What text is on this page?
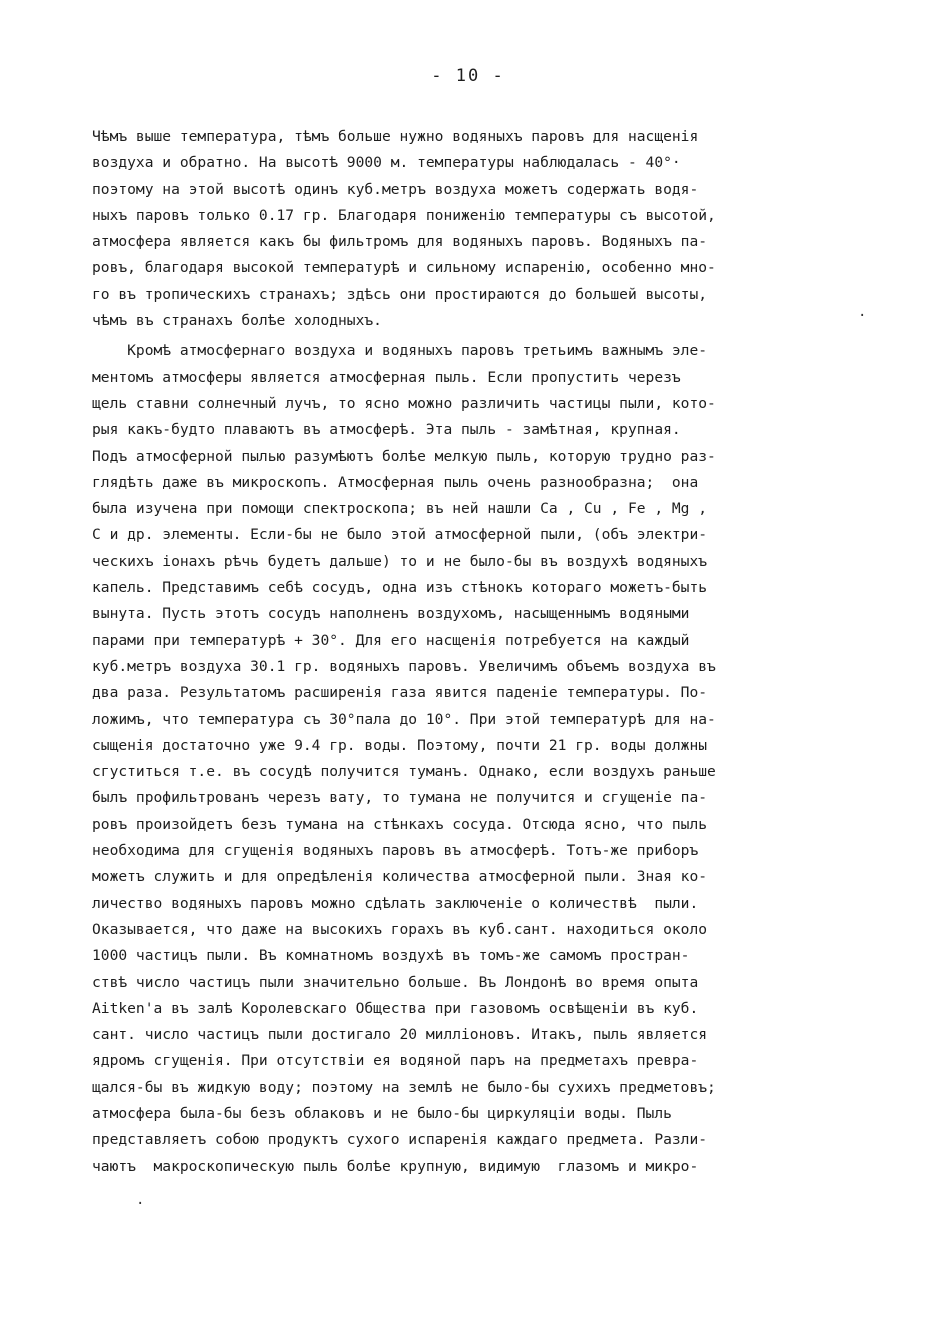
- 10 -
Чѣмъ выше температура, тѣмъ больше нужно водяныхъ паровъ для насщенія
воздуха и обратно. На высотѣ 9000 м. температуры наблюдалась - 40°·
поэтому на этой высотѣ одинъ куб.метръ воздуха можетъ содержать водя-
ныхъ паровъ только 0.17 гр. Благодаря пониженію температуры съ высотой,
атмосфера является какъ бы фильтромъ для водяныхъ паровъ. Водяныхъ па-
ровъ, благодаря высокой температурѣ и сильному испаренію, особенно мно-
го въ тропическихъ странахъ; здѣсь они простираются до большей высоты,
чѣмъ въ странахъ болѣе холодныхъ.
Кромѣ атмосфернаго воздуха и водяныхъ паровъ третьимъ важнымъ эле-
ментомъ атмосферы является атмосферная пыль. Если пропустить черезъ
щель ставни солнечный лучъ, то ясно можно различить частицы пыли, кото-
рыя какъ-будто плаваютъ въ атмосферѣ. Эта пыль - замѣтная, крупная.
Подъ атмосферной пылью разумѣютъ болѣе мелкую пыль, которую трудно раз-
глядѣть даже въ микроскопъ. Атмосферная пыль очень разнообразна;  она
была изучена при помощи спектроскопа; въ ней нашли Ca , Cu , Fe , Mg ,
C и др. элементы. Если-бы не было этой атмосферной пыли, (объ электри-
ческихъ іонахъ рѣчь будетъ дальше) то и не было-бы въ воздухѣ водяныхъ
капель. Представимъ себѣ сосудъ, одна изъ стѣнокъ котораго можетъ-быть
вынута. Пусть этотъ сосудъ наполненъ воздухомъ, насыщеннымъ водяными
парами при температурѣ + 30°. Для его насщенія потребуется на каждый
куб.метръ воздуха 30.1 гр. водяныхъ паровъ. Увеличимъ объемъ воздуха въ
два раза. Результатомъ расширенія газа явится паденіе температуры. По-
ложимъ, что температура съ 30°пала до 10°. При этой температурѣ для на-
сыщенія достаточно уже 9.4 гр. воды. Поэтому, почти 21 гр. воды должны
сгуститься т.е. въ сосудѣ получится туманъ. Однако, если воздухъ раньше
былъ профильтрованъ черезъ вату, то тумана не получится и сгущеніе па-
ровъ произойдетъ безъ тумана на стѣнкахъ сосуда. Отсюда ясно, что пыль
необходима для сгущенія водяныхъ паровъ въ атмосферѣ. Тотъ-же приборъ
можетъ служить и для опредѣленія количества атмосферной пыли. Зная ко-
личество водяныхъ паровъ можно сдѣлать заключеніе о количествѣ  пыли.
Оказывается, что даже на высокихъ горахъ въ куб.сант. находиться около
1000 частицъ пыли. Въ комнатномъ воздухѣ въ томъ-же самомъ простран-
ствѣ число частицъ пыли значительно больше. Въ Лондонѣ во время опыта
Aitken'a въ залѣ Королевскаго Общества при газовомъ освѣщеніи въ куб.
сант. число частицъ пыли достигало 20 милліоновъ. Итакъ, пыль является
ядромъ сгущенія. При отсутствіи ея водяной паръ на предметахъ превра-
щался-бы въ жидкую воду; поэтому на землѣ не было-бы сухихъ предметовъ;
атмосфера была-бы безъ облаковъ и не было-бы циркуляціи воды. Пыль
представляетъ собою продуктъ сухого испаренія каждаго предмета. Разли-
чаютъ  макроскопическую пыль болѣе крупную, видимую  глазомъ и микро-
·
·
